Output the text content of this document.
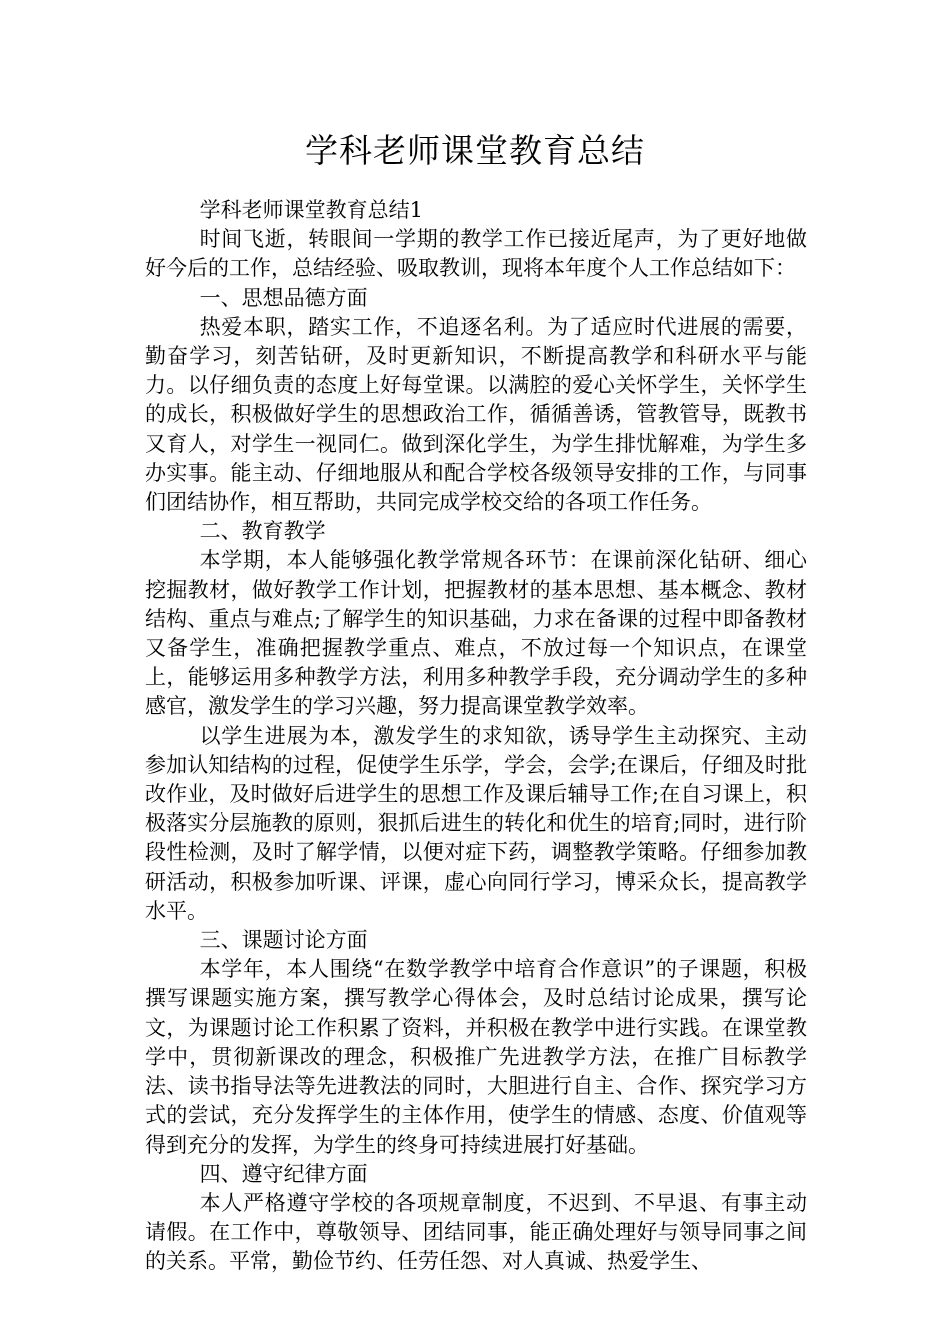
学科老师课堂教育总结

学科老师课堂教育总结1

时间飞逝，转眼间一学期的教学工作已接近尾声，为了更好地做好今后的工作，总结经验、吸取教训，现将本年度个人工作总结如下：

一、思想品德方面

热爱本职，踏实工作，不追逐名利。为了适应时代进展的需要，勤奋学习，刻苦钻研，及时更新知识，不断提高教学和科研水平与能力。以仔细负责的态度上好每堂课。以满腔的爱心关怀学生，关怀学生的成长，积极做好学生的思想政治工作，循循善诱，管教管导，既教书又育人，对学生一视同仁。做到深化学生，为学生排忧解难，为学生多办实事。能主动、仔细地服从和配合学校各级领导安排的工作，与同事们团结协作，相互帮助，共同完成学校交给的各项工作任务。

二、教育教学

本学期，本人能够强化教学常规各环节：在课前深化钻研、细心挖掘教材，做好教学工作计划，把握教材的基本思想、基本概念、教材结构、重点与难点;了解学生的知识基础，力求在备课的过程中即备教材又备学生，准确把握教学重点、难点，不放过每一个知识点，在课堂上，能够运用多种教学方法，利用多种教学手段，充分调动学生的多种感官，激发学生的学习兴趣，努力提高课堂教学效率。

以学生进展为本，激发学生的求知欲，诱导学生主动探究、主动参加认知结构的过程，促使学生乐学，学会，会学;在课后，仔细及时批改作业，及时做好后进学生的思想工作及课后辅导工作;在自习课上，积极落实分层施教的原则，狠抓后进生的转化和优生的培育;同时，进行阶段性检测，及时了解学情，以便对症下药，调整教学策略。仔细参加教研活动，积极参加听课、评课，虚心向同行学习，博采众长，提高教学水平。

三、课题讨论方面

本学年，本人围绕“在数学教学中培育合作意识”的子课题，积极撰写课题实施方案，撰写教学心得体会，及时总结讨论成果，撰写论文，为课题讨论工作积累了资料，并积极在教学中进行实践。在课堂教学中，贯彻新课改的理念，积极推广先进教学方法，在推广目标教学法、读书指导法等先进教法的同时，大胆进行自主、合作、探究学习方式的尝试，充分发挥学生的主体作用，使学生的情感、态度、价值观等得到充分的发挥，为学生的终身可持续进展打好基础。

四、遵守纪律方面

本人严格遵守学校的各项规章制度，不迟到、不早退、有事主动请假。在工作中，尊敬领导、团结同事，能正确处理好与领导同事之间的关系。平常，勤俭节约、任劳任怨、对人真诚、热爱学生、
